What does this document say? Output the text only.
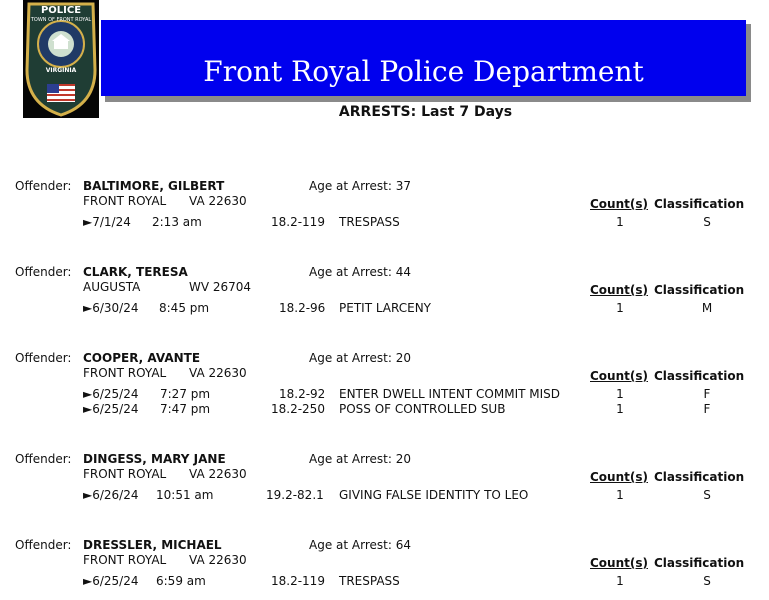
POLICE
TOWN OF FRONT ROYAL
VIRGINIA	Front Royal Police Department
ARRESTS: Last 7 Days
Offender: BALTIMORE, GILBERT	Age at Arrest: 37
FRONT ROYAL VA 22630	Count(s) Classification
►7/1/24 2:13 am	18.2-119 TRESPASS	1	S
Offender: CLARK, TERESA	Age at Arrest: 44
AUGUSTA	WV 26704	Count(s) Classification
►6/30/24 8:45 pm	18.2-96 PETIT LARCENY	1	M
Offender: COOPER, AVANTE	Age at Arrest: 20
FRONT ROYAL VA 22630	Count(s) Classification
►6/25/24 7:27 pm	18.2-92 ENTER DWELL INTENT COMMIT MISD	1	F
►6/25/24 7:47 pm	18.2-250 POSS OF CONTROLLED SUB	1	F
Offender: DINGESS, MARY JANE	Age at Arrest: 20
FRONT ROYAL VA 22630	Count(s) Classification
►6/26/24 10:51 am	19.2-82.1 GIVING FALSE IDENTITY TO LEO	1	S
Offender: DRESSLER, MICHAEL	Age at Arrest: 64
FRONT ROYAL VA 22630	Count(s) Classification
►6/25/24 6:59 am	18.2-119 TRESPASS	1	S
